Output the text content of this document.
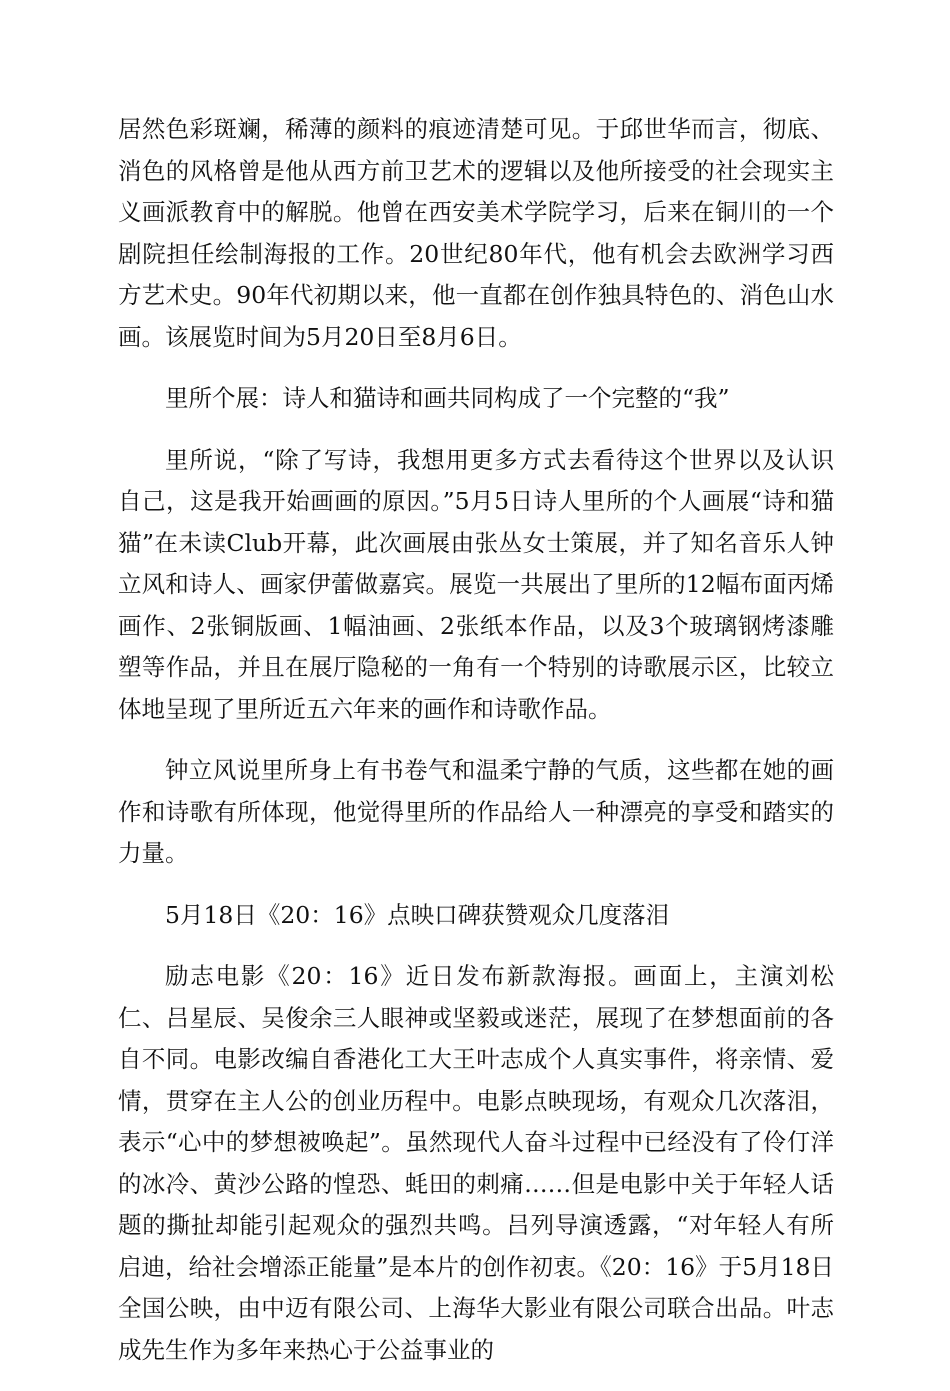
居然色彩斑斓，稀薄的颜料的痕迹清楚可见。于邱世华而言，彻底、消色的风格曾是他从西方前卫艺术的逻辑以及他所接受的社会现实主义画派教育中的解脱。他曾在西安美术学院学习，后来在铜川的一个剧院担任绘制海报的工作。20世纪80年代，他有机会去欧洲学习西方艺术史。90年代初期以来，他一直都在创作独具特色的、消色山水画。该展览时间为5月20日至8月6日。

里所个展：诗人和猫诗和画共同构成了一个完整的“我”

里所说，“除了写诗，我想用更多方式去看待这个世界以及认识自己，这是我开始画画的原因。”5月5日诗人里所的个人画展“诗和猫猫”在未读Club开幕，此次画展由张丛女士策展，并了知名音乐人钟立风和诗人、画家伊蕾做嘉宾。展览一共展出了里所的12幅布面丙烯画作、2张铜版画、1幅油画、2张纸本作品，以及3个玻璃钢烤漆雕塑等作品，并且在展厅隐秘的一角有一个特别的诗歌展示区，比较立体地呈现了里所近五六年来的画作和诗歌作品。

钟立风说里所身上有书卷气和温柔宁静的气质，这些都在她的画作和诗歌有所体现，他觉得里所的作品给人一种漂亮的享受和踏实的力量。

5月18日《20：16》点映口碑获赞观众几度落泪

励志电影《20：16》近日发布新款海报。画面上，主演刘松仁、吕星辰、吴俊余三人眼神或坚毅或迷茫，展现了在梦想面前的各自不同。电影改编自香港化工大王叶志成个人真实事件，将亲情、爱情，贯穿在主人公的创业历程中。电影点映现场，有观众几次落泪，表示“心中的梦想被唤起”。虽然现代人奋斗过程中已经没有了伶仃洋的冰冷、黄沙公路的惶恐、蚝田的刺痛……但是电影中关于年轻人话题的撕扯却能引起观众的强烈共鸣。吕列导演透露，“对年轻人有所启迪，给社会增添正能量”是本片的创作初衷。《20：16》于5月18日全国公映，由中迈有限公司、上海华大影业有限公司联合出品。叶志成先生作为多年来热心于公益事业的
